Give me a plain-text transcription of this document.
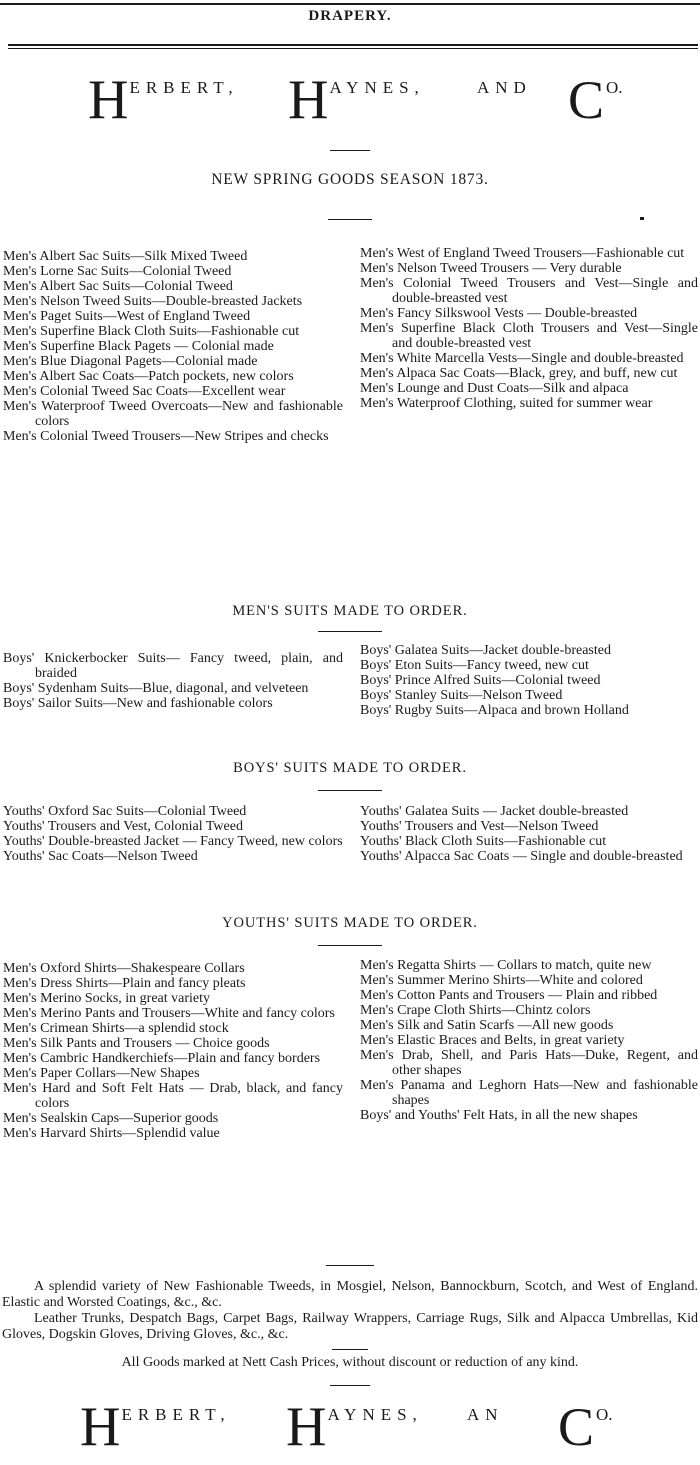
DRAPERY.
H ERBERT, H AYNES,	AND C O.
NEW SPRING GOODS SEASON 1873.
Men's Albert Sac Suits—Silk Mixed Tweed
Men's Lorne Sac Suits—Colonial Tweed
Men's Albert Sac Suits—Colonial Tweed
Men's Nelson Tweed Suits—Double-breasted Jackets
Men's Paget Suits—West of England Tweed
Men's Superfine Black Cloth Suits—Fashionable cut
Men's Superfine Black Pagets — Colonial made
Men's Blue Diagonal Pagets—Colonial made
Men's Albert Sac Coats—Patch pockets, new colors
Men's Colonial Tweed Sac Coats—Excellent wear
Men's Waterproof Tweed Overcoats—New and fashionable colors
Men's Colonial Tweed Trousers—New Stripes and checks
Men's West of England Tweed Trousers—Fashionable cut
Men's Nelson Tweed Trousers — Very durable
Men's Colonial Tweed Trousers and Vest—Single and double-breasted vest
Men's Fancy Silkswool Vests — Double-breasted
Men's Superfine Black Cloth Trousers and Vest—Single and double-breasted vest
Men's White Marcella Vests—Single and double-breasted
Men's Alpaca Sac Coats—Black, grey, and buff, new cut
Men's Lounge and Dust Coats—Silk and alpaca
Men's Waterproof Clothing, suited for summer wear
MEN'S SUITS MADE TO ORDER.
Boys' Knickerbocker Suits— Fancy tweed, plain, and braided
Boys' Sydenham Suits—Blue, diagonal, and velveteen
Boys' Sailor Suits—New and fashionable colors
Boys' Galatea Suits—Jacket double-breasted
Boys' Eton Suits—Fancy tweed, new cut
Boys' Prince Alfred Suits—Colonial tweed
Boys' Stanley Suits—Nelson Tweed
Boys' Rugby Suits—Alpaca and brown Holland
BOYS' SUITS MADE TO ORDER.
Youths' Oxford Sac Suits—Colonial Tweed
Youths' Trousers and Vest, Colonial Tweed
Youths' Double-breasted Jacket — Fancy Tweed, new colors
Youths' Sac Coats—Nelson Tweed
Youths' Galatea Suits — Jacket double-breasted
Youths' Trousers and Vest—Nelson Tweed
Youths' Black Cloth Suits—Fashionable cut
Youths' Alpacca Sac Coats — Single and double-breasted
YOUTHS' SUITS MADE TO ORDER.
Men's Oxford Shirts—Shakespeare Collars
Men's Dress Shirts—Plain and fancy pleats
Men's Merino Socks, in great variety
Men's Merino Pants and Trousers—White and fancy colors
Men's Crimean Shirts—a splendid stock
Men's Silk Pants and Trousers — Choice goods
Men's Cambric Handkerchiefs—Plain and fancy borders
Men's Paper Collars—New Shapes
Men's Hard and Soft Felt Hats — Drab, black, and fancy colors
Men's Sealskin Caps—Superior goods
Men's Harvard Shirts—Splendid value
Men's Regatta Shirts — Collars to match, quite new
Men's Summer Merino Shirts—White and colored
Men's Cotton Pants and Trousers — Plain and ribbed
Men's Crape Cloth Shirts—Chintz colors
Men's Silk and Satin Scarfs —All new goods
Men's Elastic Braces and Belts, in great variety
Men's Drab, Shell, and Paris Hats—Duke, Regent, and other shapes
Men's Panama and Leghorn Hats—New and fashionable shapes
Boys' and Youths' Felt Hats, in all the new shapes
A splendid variety of New Fashionable Tweeds, in Mosgiel, Nelson, Bannockburn, Scotch, and West of England. Elastic and Worsted Coatings, &c., &c.
Leather Trunks, Despatch Bags, Carpet Bags, Railway Wrappers, Carriage Rugs, Silk and Alpacca Umbrellas, Kid Gloves, Dogskin Gloves, Driving Gloves, &c., &c.
All Goods marked at Nett Cash Prices, without discount or reduction of any kind.
H ERBERT, H AYNES,	AN C O.
